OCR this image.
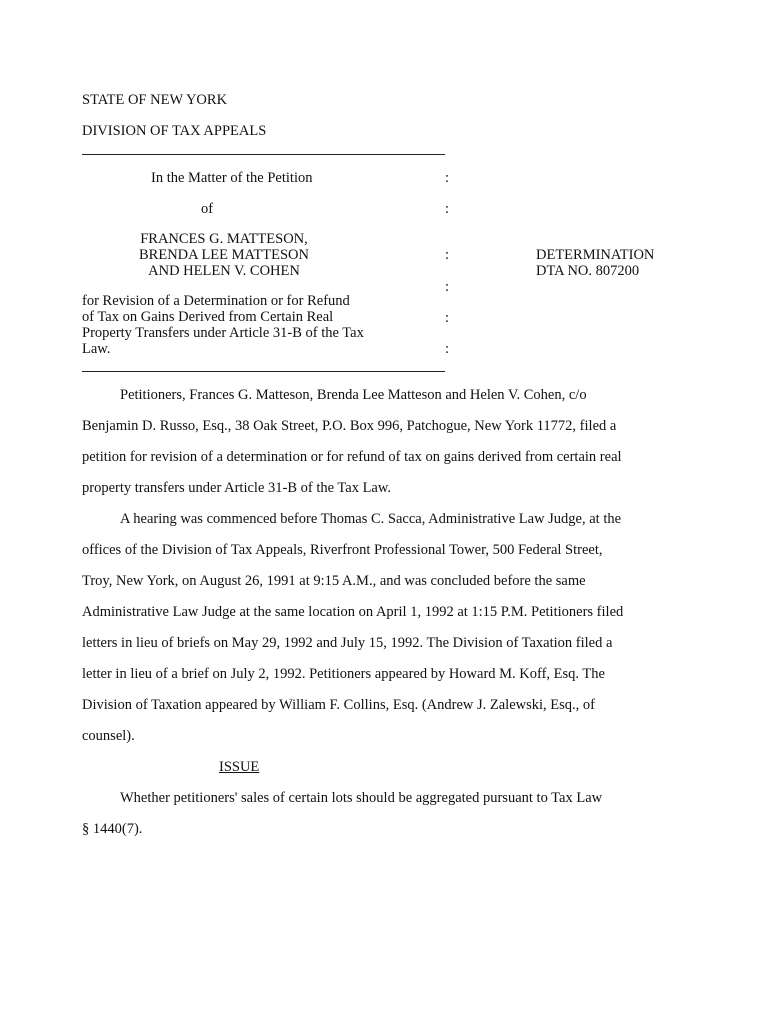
STATE OF NEW YORK
DIVISION OF TAX APPEALS
In the Matter of the Petition
of
FRANCES G. MATTESON,
BRENDA LEE MATTESON
AND HELEN V. COHEN
for Revision of a Determination or for Refund
of Tax on Gains Derived from Certain Real
Property Transfers under Article 31-B of the Tax
Law.
:
:
:
:
:
:
DETERMINATION
DTA NO. 807200

Petitioners, Frances G. Matteson, Brenda Lee Matteson and Helen V. Cohen, c/o

Benjamin D. Russo, Esq., 38 Oak Street, P.O. Box 996, Patchogue, New York 11772, filed a

petition for revision of a determination or for refund of tax on gains derived from certain real

property transfers under Article 31-B of the Tax Law.

A hearing was commenced before Thomas C. Sacca, Administrative Law Judge, at the

offices of the Division of Tax Appeals, Riverfront Professional Tower, 500 Federal Street,

Troy, New York, on August 26, 1991 at 9:15 A.M., and was concluded before the same

Administrative Law Judge at the same location on April 1, 1992 at 1:15 P.M. Petitioners filed

letters in lieu of briefs on May 29, 1992 and July 15, 1992. The Division of Taxation filed a

letter in lieu of a brief on July 2, 1992. Petitioners appeared by Howard M. Koff, Esq. The

Division of Taxation appeared by William F. Collins, Esq. (Andrew J. Zalewski, Esq., of

counsel).

ISSUE

Whether petitioners' sales of certain lots should be aggregated pursuant to Tax Law

§ 1440(7).
